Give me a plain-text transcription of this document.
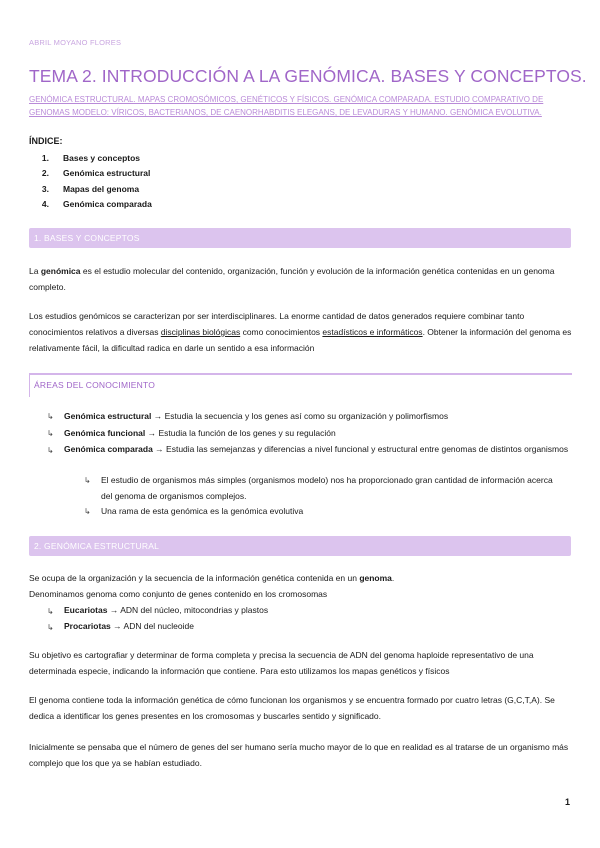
ABRIL MOYANO FLORES
TEMA 2. INTRODUCCIÓN A LA GENÓMICA. BASES Y CONCEPTOS.
GENÓMICA ESTRUCTURAL. MAPAS CROMOSÓMICOS, GENÉTICOS Y FÍSICOS. GENÓMICA COMPARADA. ESTUDIO COMPARATIVO DE GENOMAS MODELO: VÍRICOS, BACTERIANOS, DE CAENORHABDITIS ELEGANS, DE LEVADURAS Y HUMANO. GENÓMICA EVOLUTIVA.
ÍNDICE:
1. Bases y conceptos
2. Genómica estructural
3. Mapas del genoma
4. Genómica comparada
1. BASES Y CONCEPTOS
La genómica es el estudio molecular del contenido, organización, función y evolución de la información genética contenidas en un genoma completo.
Los estudios genómicos se caracterizan por ser interdisciplinares. La enorme cantidad de datos generados requiere combinar tanto conocimientos relativos a diversas disciplinas biológicas como conocimientos estadísticos e informáticos. Obtener la información del genoma es relativamente fácil, la dificultad radica en darle un sentido a esa información
ÁREAS DEL CONOCIMIENTO
↳ Genómica estructural → Estudia la secuencia y los genes así como su organización y polimorfismos
↳ Genómica funcional → Estudia la función de los genes y su regulación
↳ Genómica comparada → Estudia las semejanzas y diferencias a nivel funcional y estructural entre genomas de distintos organismos
↳ El estudio de organismos más simples (organismos modelo) nos ha proporcionado gran cantidad de información acerca del genoma de organismos complejos.
↳ Una rama de esta genómica es la genómica evolutiva
2. GENÓMICA ESTRUCTURAL
Se ocupa de la organización y la secuencia de la información genética contenida en un genoma.
Denominamos genoma como conjunto de genes contenido en los cromosomas
↳ Eucariotas → ADN del núcleo, mitocondrias y plastos
↳ Procariotas → ADN del nucleoide
Su objetivo es cartografiar y determinar de forma completa y precisa la secuencia de ADN del genoma haploide representativo de una determinada especie, indicando la información que contiene. Para esto utilizamos los mapas genéticos y físicos
El genoma contiene toda la información genética de cómo funcionan los organismos y se encuentra formado por cuatro letras (G,C,T,A). Se dedica a identificar los genes presentes en los cromosomas y buscarles sentido y significado.
Inicialmente se pensaba que el número de genes del ser humano sería mucho mayor de lo que en realidad es al tratarse de un organismo más complejo que los que ya se habían estudiado.
1
